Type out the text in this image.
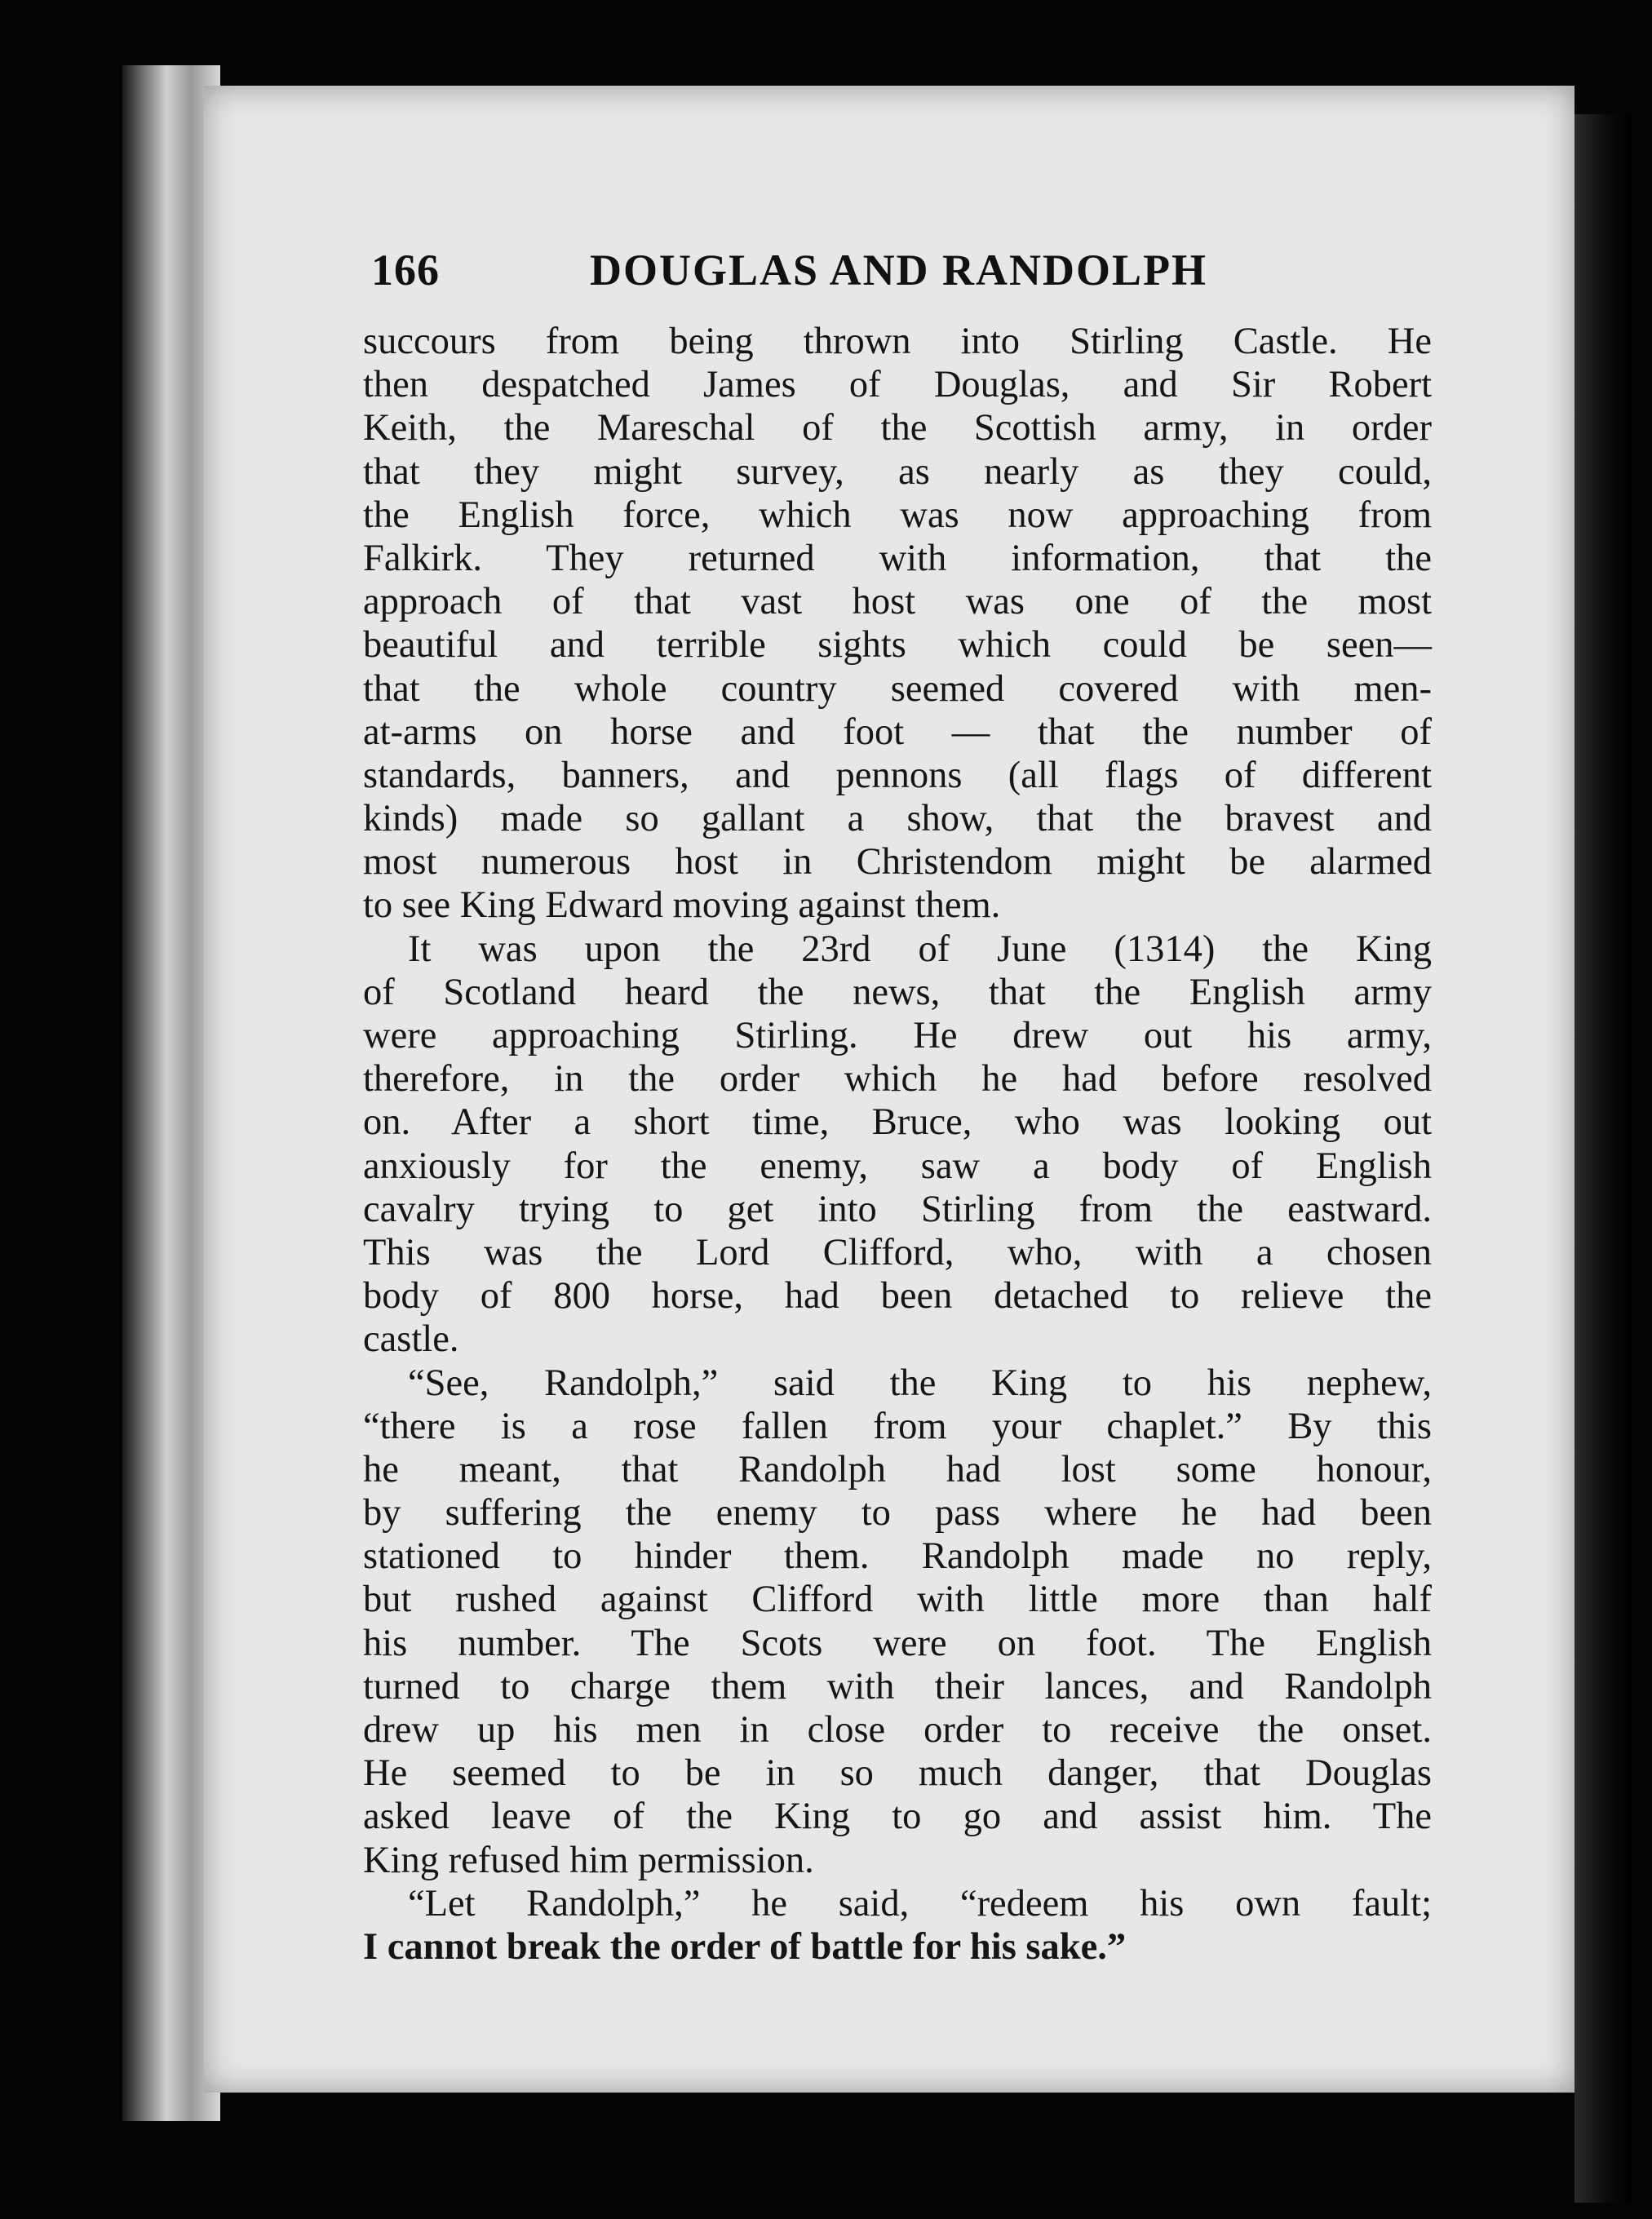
166	DOUGLAS AND RANDOLPH
succours from being thrown into Stirling Castle. He
then despatched James of Douglas, and Sir Robert
Keith, the Mareschal of the Scottish army, in order
that they might survey, as nearly as they could,
the English force, which was now approaching from
Falkirk. They returned with information, that the
approach of that vast host was one of the most
beautiful and terrible sights which could be seen—
that the whole country seemed covered with men-
at-arms on horse and foot — that the number of
standards, banners, and pennons (all flags of different
kinds) made so gallant a show, that the bravest and
most numerous host in Christendom might be alarmed
to see King Edward moving against them.
It was upon the 23rd of June (1314) the King
of Scotland heard the news, that the English army
were approaching Stirling. He drew out his army,
therefore, in the order which he had before resolved
on. After a short time, Bruce, who was looking out
anxiously for the enemy, saw a body of English
cavalry trying to get into Stirling from the eastward.
This was the Lord Clifford, who, with a chosen
body of 800 horse, had been detached to relieve the
castle.
“See, Randolph,” said the King to his nephew,
“there is a rose fallen from your chaplet.” By this
he meant, that Randolph had lost some honour,
by suffering the enemy to pass where he had been
stationed to hinder them. Randolph made no reply,
but rushed against Clifford with little more than half
his number. The Scots were on foot. The English
turned to charge them with their lances, and Randolph
drew up his men in close order to receive the onset.
He seemed to be in so much danger, that Douglas
asked leave of the King to go and assist him. The
King refused him permission.
“Let Randolph,” he said, “redeem his own fault;
I cannot break the order of battle for his sake.”
